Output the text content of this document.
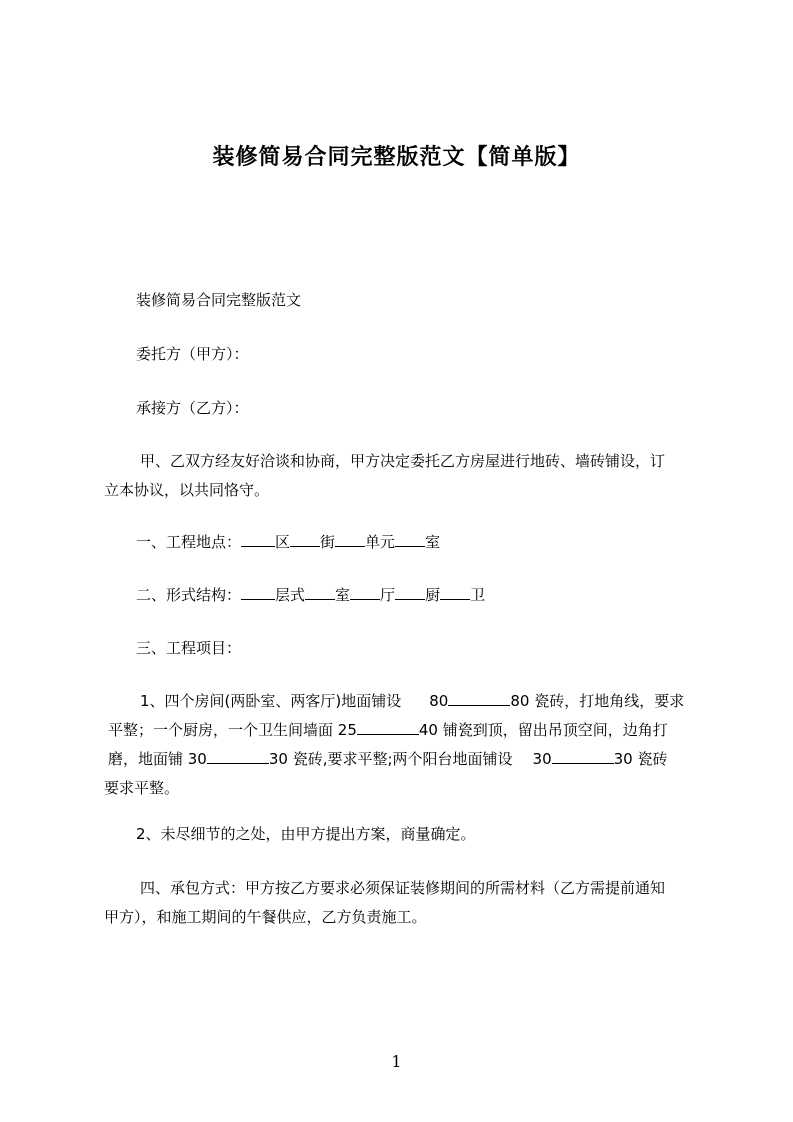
装修简易合同完整版范文【简单版】
装修简易合同完整版范文
委托方（甲方）：
承接方（乙方）：
甲、乙双方经友好洽谈和协商，甲方决定委托乙方房屋进行地砖、墙砖铺设，订
立本协议，以共同恪守。
一、工程地点： 区 街 单元 室
二、形式结构： 层式 室 厅 厨 卫
三、工程项目：
1、四个房间(两卧室、两客厅)地面铺设 80	80 瓷砖，打地角线，要求
平整；一个厨房，一个卫生间墙面 25	40 铺瓷到顶，留出吊顶空间，边角打
磨，地面铺 30	30 瓷砖,要求平整;两个阳台地面铺设 30	30 瓷砖
要求平整。
2、未尽细节的之处，由甲方提出方案，商量确定。
四、承包方式：甲方按乙方要求必须保证装修期间的所需材料（乙方需提前通知
甲方），和施工期间的午餐供应，乙方负责施工。
1
